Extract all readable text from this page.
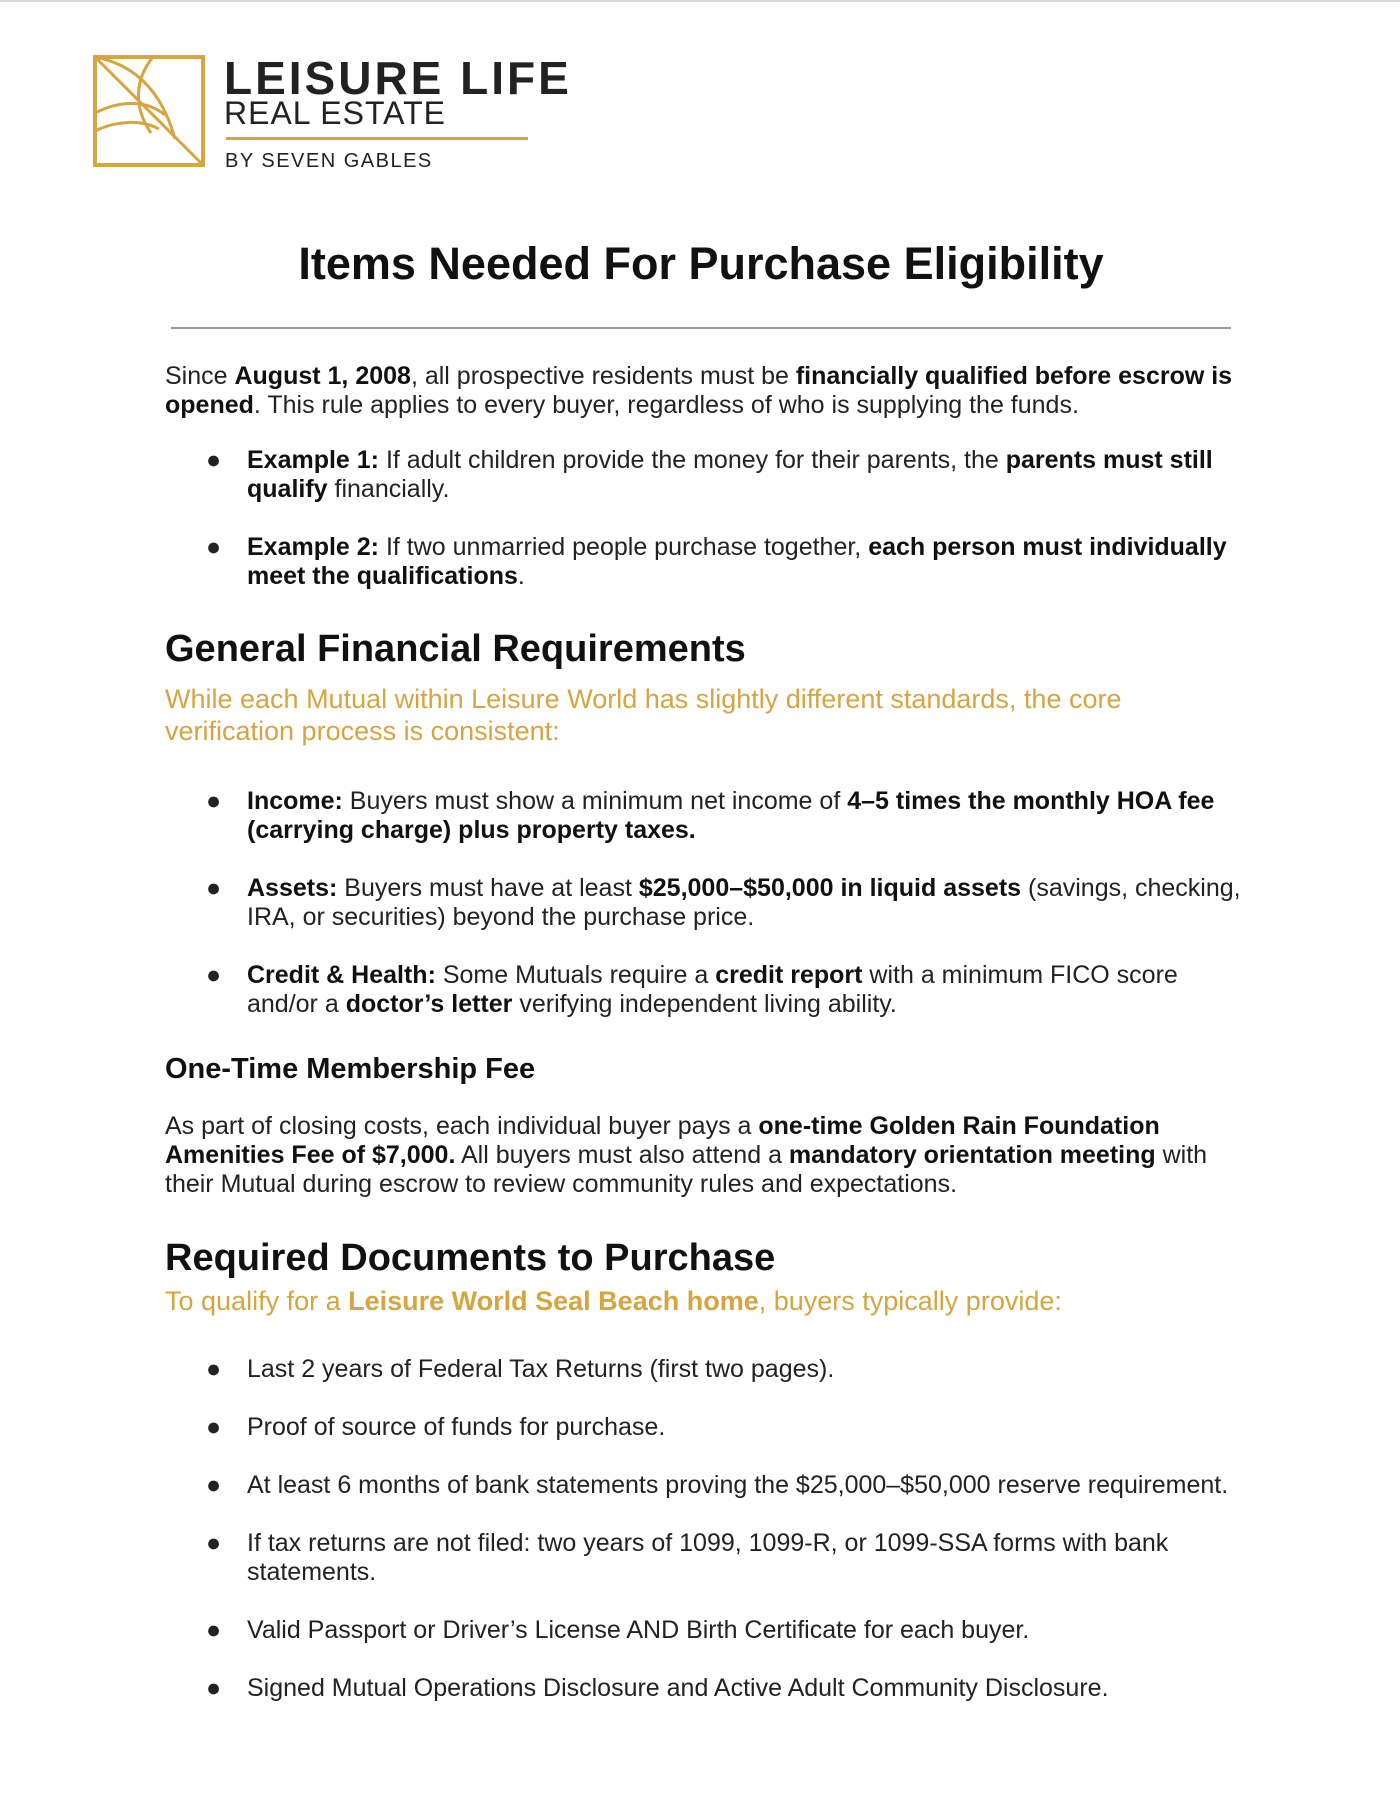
LEISURE LIFE
REAL ESTATE
BY SEVEN GABLES
Items Needed For Purchase Eligibility

Since August 1, 2008, all prospective residents must be financially qualified before escrow is opened. This rule applies to every buyer, regardless of who is supplying the funds.

● Example 1: If adult children provide the money for their parents, the parents must still qualify financially.
● Example 2: If two unmarried people purchase together, each person must individually meet the qualifications.
General Financial Requirements

While each Mutual within Leisure World has slightly different standards, the core verification process is consistent:

● Income: Buyers must show a minimum net income of 4–5 times the monthly HOA fee (carrying charge) plus property taxes.
● Assets: Buyers must have at least $25,000–$50,000 in liquid assets (savings, checking, IRA, or securities) beyond the purchase price.
● Credit & Health: Some Mutuals require a credit report with a minimum FICO score and/or a doctor’s letter verifying independent living ability.
One-Time Membership Fee

As part of closing costs, each individual buyer pays a one-time Golden Rain Foundation Amenities Fee of $7,000. All buyers must also attend a mandatory orientation meeting with their Mutual during escrow to review community rules and expectations.

Required Documents to Purchase

To qualify for a Leisure World Seal Beach home, buyers typically provide:

● Last 2 years of Federal Tax Returns (first two pages).
● Proof of source of funds for purchase.
● At least 6 months of bank statements proving the $25,000–$50,000 reserve requirement.
● If tax returns are not filed: two years of 1099, 1099-R, or 1099-SSA forms with bank statements.
● Valid Passport or Driver’s License AND Birth Certificate for each buyer.
● Signed Mutual Operations Disclosure and Active Adult Community Disclosure.
